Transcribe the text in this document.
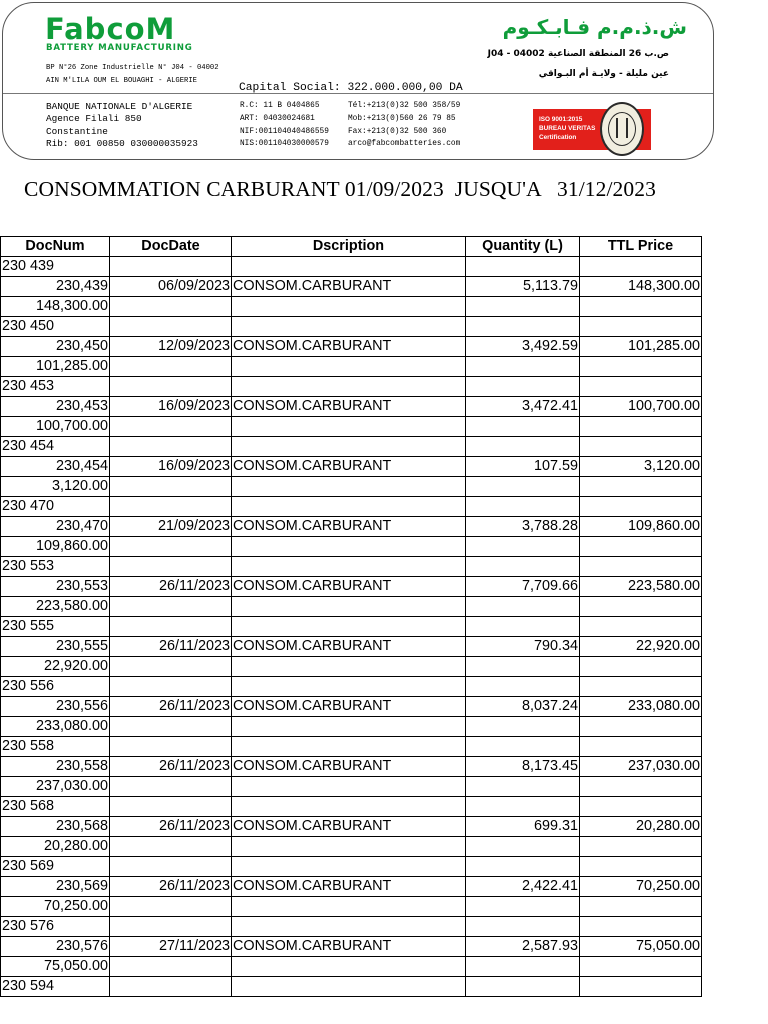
FabcoM
BATTERY MANUFACTURING
BP N°26 Zone Industrielle N° J04 - 04002
AIN M'LILA OUM EL BOUAGHI - ALGERIE
Capital Social: 322.000.000,00 DA
ش.ذ.م.م فـابـكـوم
ص.ب 26 المنطقة الصناعية J04 - 04002
عين مليلة - ولايـة أم البـواقي
BANQUE NATIONALE D'ALGERIE
Agence Filali 850
Constantine
Rib: 001 00850 030000035923
R.C: 11 B 0404865
ART: 04030024681
NIF:001104040486559
NIS:001104030000579
Tél:+213(0)32 500 358/59
Mob:+213(0)560 26 79 85
Fax:+213(0)32 500 360
arco@fabcombatteries.com
ISO 9001:2015
BUREAU VERITAS
Certification
CONSOMMATION CARBURANT 01/09/2023  JUSQU'A   31/12/2023
DocNum	DocDate	Dscription	Quantity (L)	TTL Price
230 439				
230,439	06/09/2023	CONSOM.CARBURANT	5,113.79	148,300.00
148,300.00				
230 450				
230,450	12/09/2023	CONSOM.CARBURANT	3,492.59	101,285.00
101,285.00				
230 453				
230,453	16/09/2023	CONSOM.CARBURANT	3,472.41	100,700.00
100,700.00				
230 454				
230,454	16/09/2023	CONSOM.CARBURANT	107.59	3,120.00
3,120.00				
230 470				
230,470	21/09/2023	CONSOM.CARBURANT	3,788.28	109,860.00
109,860.00				
230 553				
230,553	26/11/2023	CONSOM.CARBURANT	7,709.66	223,580.00
223,580.00				
230 555				
230,555	26/11/2023	CONSOM.CARBURANT	790.34	22,920.00
22,920.00				
230 556				
230,556	26/11/2023	CONSOM.CARBURANT	8,037.24	233,080.00
233,080.00				
230 558				
230,558	26/11/2023	CONSOM.CARBURANT	8,173.45	237,030.00
237,030.00				
230 568				
230,568	26/11/2023	CONSOM.CARBURANT	699.31	20,280.00
20,280.00				
230 569				
230,569	26/11/2023	CONSOM.CARBURANT	2,422.41	70,250.00
70,250.00				
230 576				
230,576	27/11/2023	CONSOM.CARBURANT	2,587.93	75,050.00
75,050.00				
230 594				
